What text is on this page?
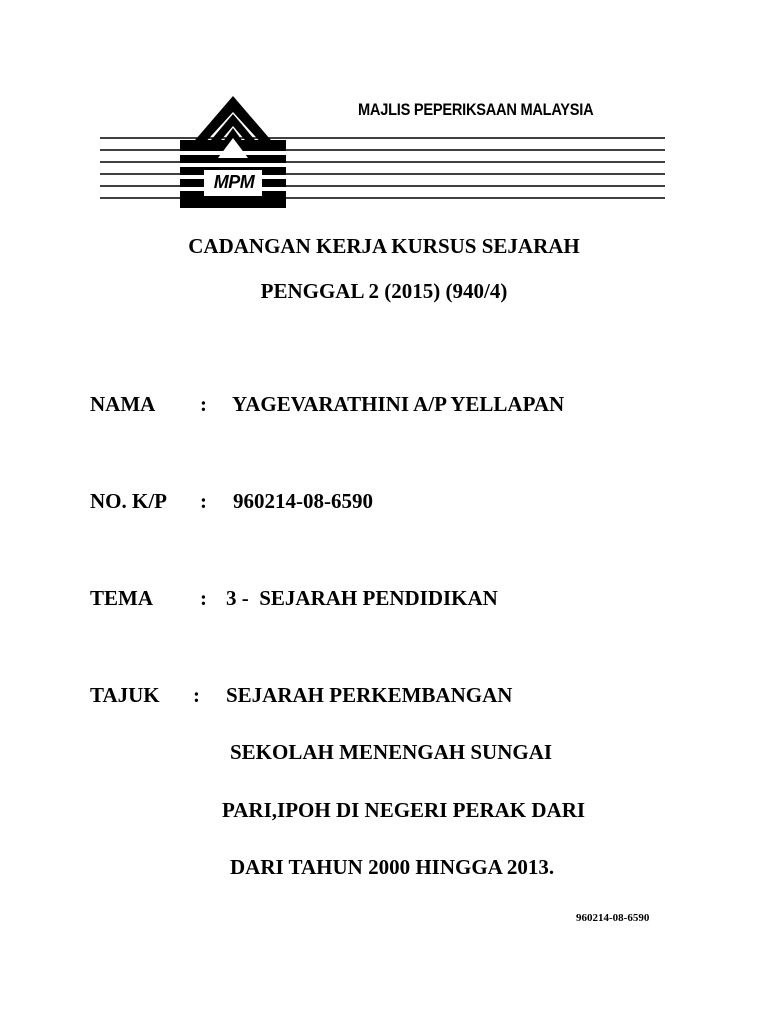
MAJLIS PEPERIKSAAN MALAYSIA
MPM
CADANGAN KERJA KURSUS SEJARAH
PENGGAL 2 (2015) (940/4)
NAMA : YAGEVARATHINI A/P YELLAPAN
NO. K/P : 960214-08-6590
TEMA : 3 -  SEJARAH PENDIDIKAN
TAJUK : SEJARAH PERKEMBANGAN
SEKOLAH MENENGAH SUNGAI
PARI,IPOH DI NEGERI PERAK DARI
DARI TAHUN 2000 HINGGA 2013.
960214-08-6590
